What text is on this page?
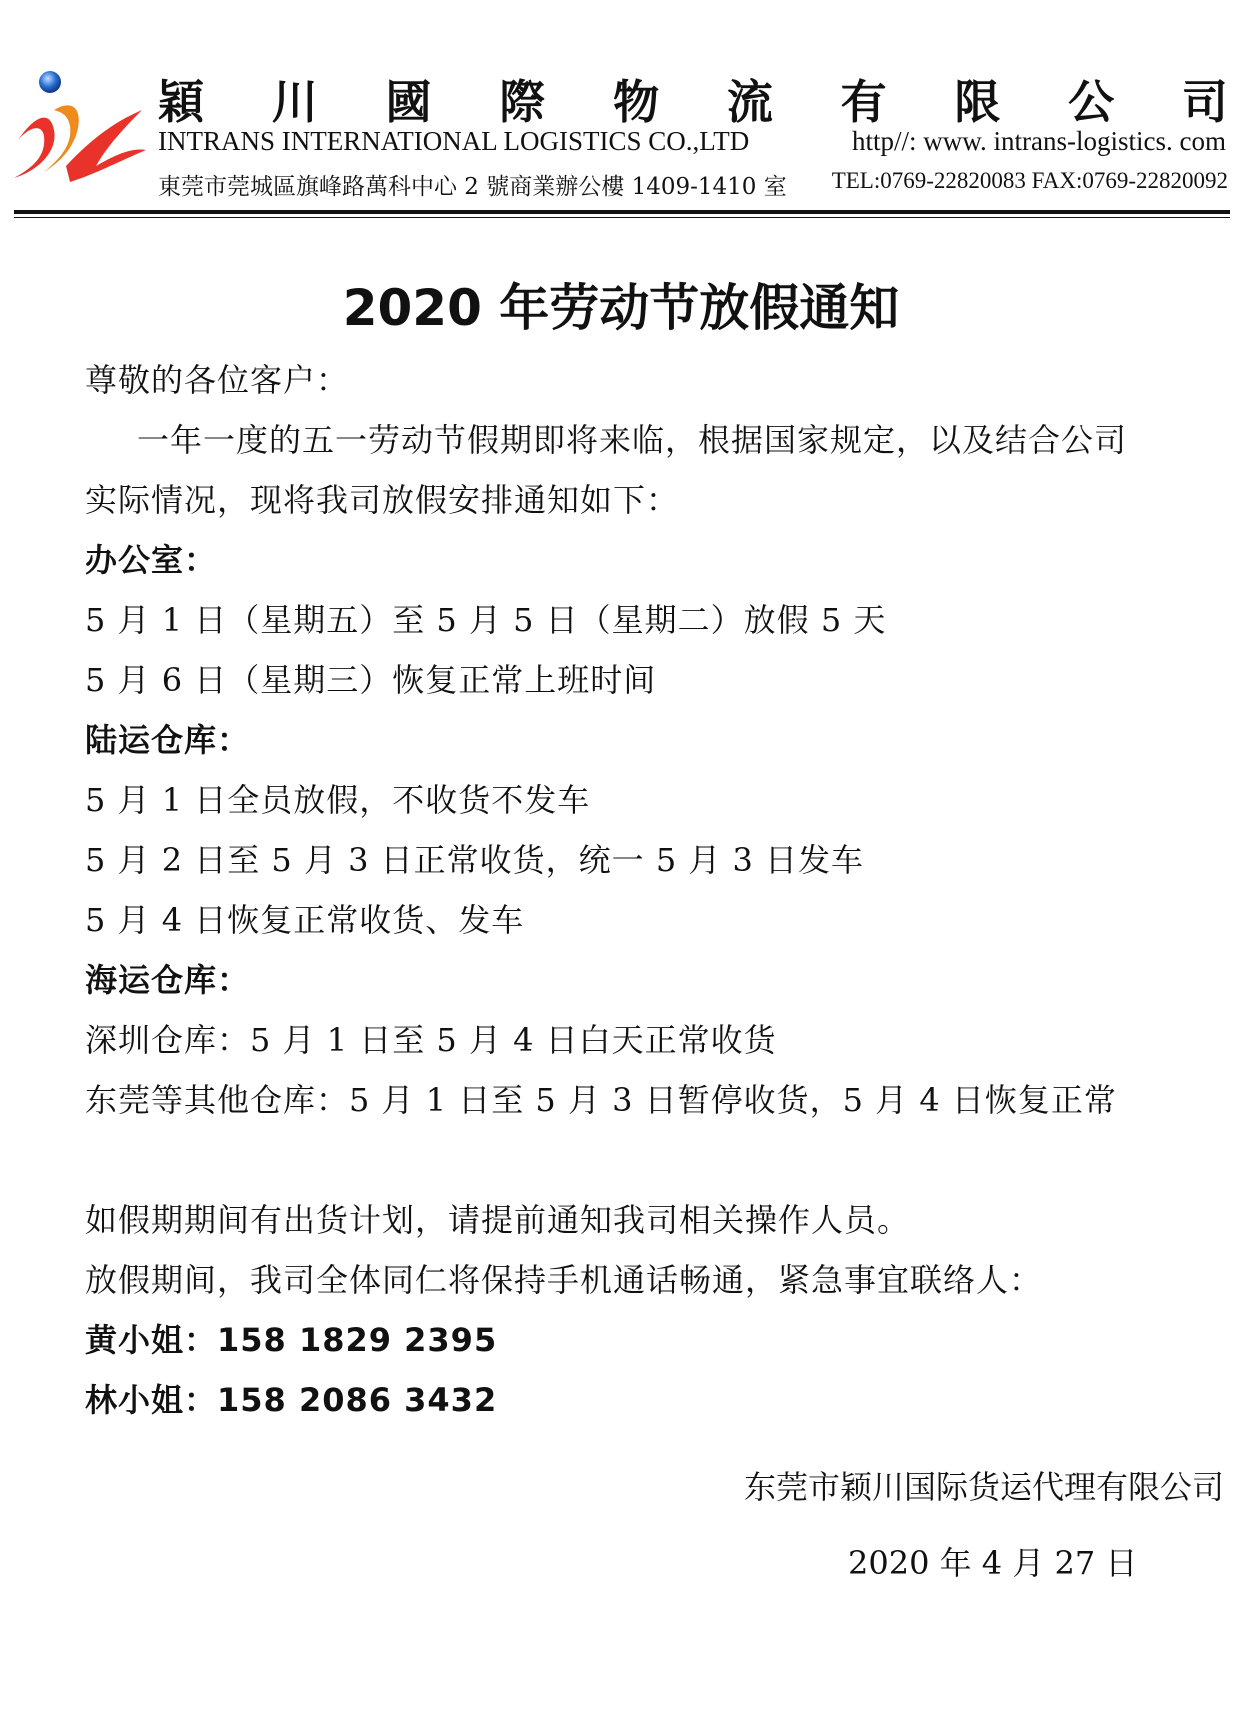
穎 川 國 際 物 流 有 限 公 司
INTRANS INTERNATIONAL LOGISTICS CO.,LTD	http//: www. intrans-logistics. com
東莞市莞城區旗峰路萬科中心 2 號商業辦公樓 1409-1410 室 TEL:0769-22820083 FAX:0769-22820092
2020 年劳动节放假通知
尊敬的各位客户：
一年一度的五一劳动节假期即将来临，根据国家规定，以及结合公司
实际情况，现将我司放假安排通知如下：
办公室：
5 月 1 日（星期五）至 5 月 5 日（星期二）放假 5 天
5 月 6 日（星期三）恢复正常上班时间
陆运仓库：
5 月 1 日全员放假，不收货不发车
5 月 2 日至 5 月 3 日正常收货，统一 5 月 3 日发车
5 月 4 日恢复正常收货、发车
海运仓库：
深圳仓库：5 月 1 日至 5 月 4 日白天正常收货
东莞等其他仓库：5 月 1 日至 5 月 3 日暂停收货，5 月 4 日恢复正常
如假期期间有出货计划，请提前通知我司相关操作人员。
放假期间，我司全体同仁将保持手机通话畅通，紧急事宜联络人：
黄小姐：158 1829 2395
林小姐：158 2086 3432
东莞市颖川国际货运代理有限公司
2020 年 4 月 27 日
